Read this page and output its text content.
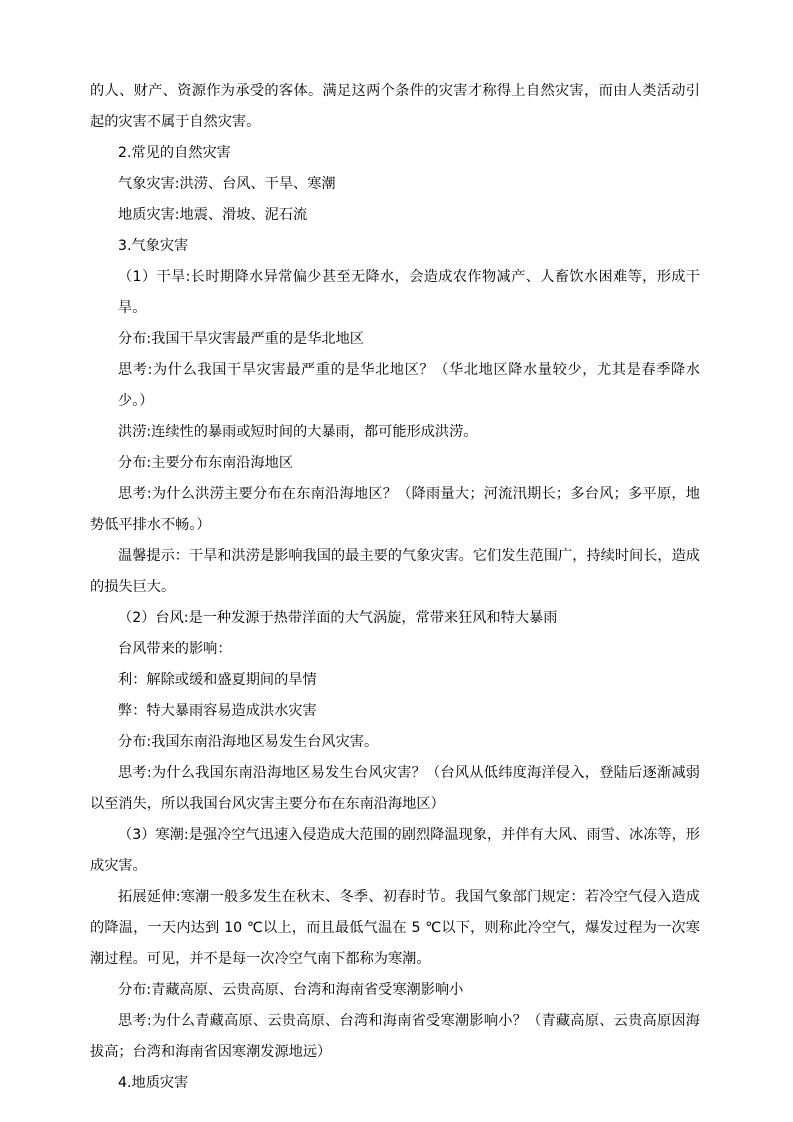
的人、财产、资源作为承受的客体。满足这两个条件的灾害才称得上自然灾害，而由人类活动引起的灾害不属于自然灾害。

2.常见的自然灾害

气象灾害:洪涝、台风、干旱、寒潮

地质灾害:地震、滑坡、泥石流

3.气象灾害

（1）干旱:长时期降水异常偏少甚至无降水，会造成农作物减产、人畜饮水困难等，形成干旱。

分布:我国干旱灾害最严重的是华北地区

思考:为什么我国干旱灾害最严重的是华北地区？（华北地区降水量较少，尤其是春季降水少。）

洪涝:连续性的暴雨或短时间的大暴雨，都可能形成洪涝。

分布:主要分布东南沿海地区

思考:为什么洪涝主要分布在东南沿海地区？（降雨量大；河流汛期长；多台风；多平原，地势低平排水不畅。）

温馨提示：干旱和洪涝是影响我国的最主要的气象灾害。它们发生范围广，持续时间长，造成的损失巨大。

（2）台风:是一种发源于热带洋面的大气涡旋，常带来狂风和特大暴雨

台风带来的影响：

利：解除或缓和盛夏期间的旱情

弊：特大暴雨容易造成洪水灾害

分布:我国东南沿海地区易发生台风灾害。

思考:为什么我国东南沿海地区易发生台风灾害？（台风从低纬度海洋侵入，登陆后逐渐减弱以至消失，所以我国台风灾害主要分布在东南沿海地区）

（3）寒潮:是强冷空气迅速入侵造成大范围的剧烈降温现象，并伴有大风、雨雪、冰冻等，形成灾害。

拓展延伸:寒潮一般多发生在秋末、冬季、初春时节。我国气象部门规定：若冷空气侵入造成的降温，一天内达到 10 ℃以上，而且最低气温在 5 ℃以下，则称此冷空气，爆发过程为一次寒潮过程。可见，并不是每一次冷空气南下都称为寒潮。

分布:青藏高原、云贵高原、台湾和海南省受寒潮影响小

思考:为什么青藏高原、云贵高原、台湾和海南省受寒潮影响小？（青藏高原、云贵高原因海拔高；台湾和海南省因寒潮发源地远）

4.地质灾害
